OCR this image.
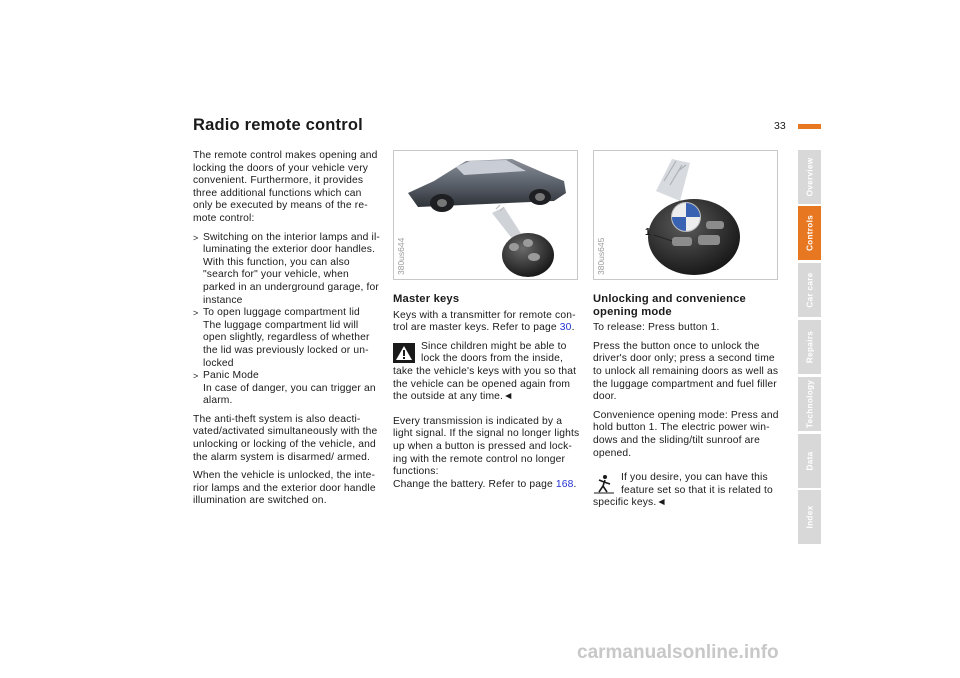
Radio remote control	33

The remote control makes opening and locking the doors of your vehicle very convenient. Furthermore, it provides three additional functions which can only be executed by means of the re-mote control:

> Switching on the interior lamps and il-luminating the exterior door handles. With this function, you can also "search for" your vehicle, when parked in an underground garage, for instance
> To open luggage compartment lid
The luggage compartment lid will open slightly, regardless of whether the lid was previously locked or un-locked
> Panic Mode
In case of danger, you can trigger an alarm.

The anti-theft system is also deacti-vated/activated simultaneously with the unlocking or locking of the vehicle, and the alarm system is disarmed/ armed.

When the vehicle is unlocked, the inte-rior lamps and the exterior door handle illumination are switched on.

380us644
1
380us645
Master keys

Keys with a transmitter for remote con-trol are master keys. Refer to page 30.

Since children might be able to lock the doors from the inside, take the vehicle's keys with you so that the vehicle can be opened again from the outside at any time.◄

Every transmission is indicated by a light signal. If the signal no longer lights up when a button is pressed and lock-ing with the remote control no longer functions:

Change the battery. Refer to page 168.

Unlocking and convenience opening mode

To release: Press button 1.

Press the button once to unlock the driver's door only; press a second time to unlock all remaining doors as well as the luggage compartment and fuel filler door.

Convenience opening mode: Press and hold button 1. The electric power win-dows and the sliding/tilt sunroof are opened.

If you desire, you can have this feature set so that it is related to specific keys.◄

Overview
Controls
Car care
Repairs
Technology
Data
Index
carmanualsonline.info
